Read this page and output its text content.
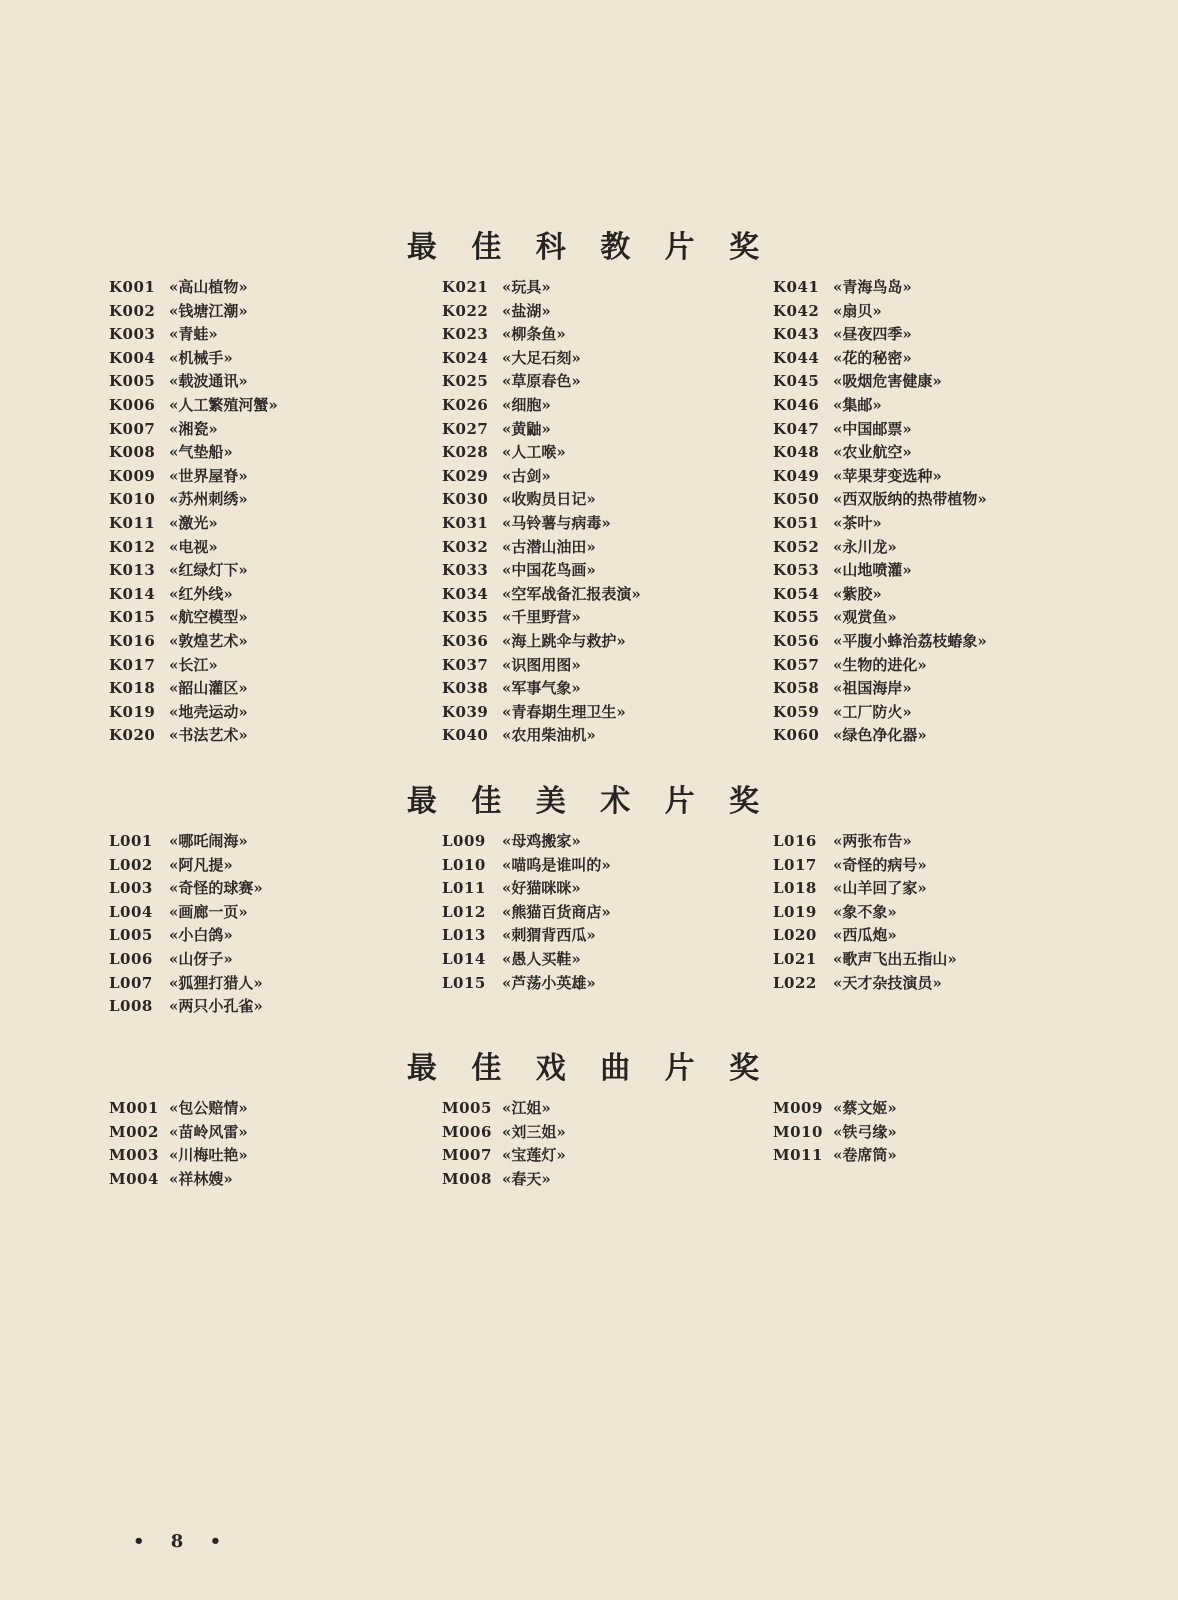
最 佳 科 教 片 奖
K001 «高山植物»
K002 «钱塘江潮»
K003 «青蛙»
K004 «机械手»
K005 «载波通讯»
K006 «人工繁殖河蟹»
K007 «湘瓷»
K008 «气垫船»
K009 «世界屋脊»
K010 «苏州刺绣»
K011 «激光»
K012 «电视»
K013 «红绿灯下»
K014 «红外线»
K015 «航空模型»
K016 «敦煌艺术»
K017 «长江»
K018 «韶山灌区»
K019 «地壳运动»
K020 «书法艺术»
K021 «玩具»
K022 «盐湖»
K023 «柳条鱼»
K024 «大足石刻»
K025 «草原春色»
K026 «细胞»
K027 «黄鼬»
K028 «人工喉»
K029 «古剑»
K030 «收购员日记»
K031 «马铃薯与病毒»
K032 «古潜山油田»
K033 «中国花鸟画»
K034 «空军战备汇报表演»
K035 «千里野营»
K036 «海上跳伞与救护»
K037 «识图用图»
K038 «军事气象»
K039 «青春期生理卫生»
K040 «农用柴油机»
K041 «青海鸟岛»
K042 «扇贝»
K043 «昼夜四季»
K044 «花的秘密»
K045 «吸烟危害健康»
K046 «集邮»
K047 «中国邮票»
K048 «农业航空»
K049 «苹果芽变选种»
K050 «西双版纳的热带植物»
K051 «茶叶»
K052 «永川龙»
K053 «山地喷灌»
K054 «紫胶»
K055 «观赏鱼»
K056 «平腹小蜂治荔枝蝽象»
K057 «生物的进化»
K058 «祖国海岸»
K059 «工厂防火»
K060 «绿色净化器»
最 佳 美 术 片 奖
L001	«哪吒闹海»
L002	«阿凡提»
L003	«奇怪的球赛»
L004	«画廊一页»
L005	«小白鸽»
L006	«山伢子»
L007	«狐狸打猎人»
L008	«两只小孔雀»
L009	«母鸡搬家»
L010	«喵呜是谁叫的»
L011	«好猫咪咪»
L012	«熊猫百货商店»
L013	«刺猬背西瓜»
L014	«愚人买鞋»
L015	«芦荡小英雄»
L016	«两张布告»
L017	«奇怪的病号»
L018	«山羊回了家»
L019	«象不象»
L020	«西瓜炮»
L021	«歌声飞出五指山»
L022	«天才杂技演员»
最 佳 戏 曲 片 奖
M001 «包公赔情»
M002 «苗岭风雷»
M003 «川梅吐艳»
M004 «祥林嫂»
M005 «江姐»
M006 «刘三姐»
M007 «宝莲灯»
M008 «春天»
M009 «蔡文姬»
M010 «铁弓缘»
M011 «卷席筒»
• 8 •
